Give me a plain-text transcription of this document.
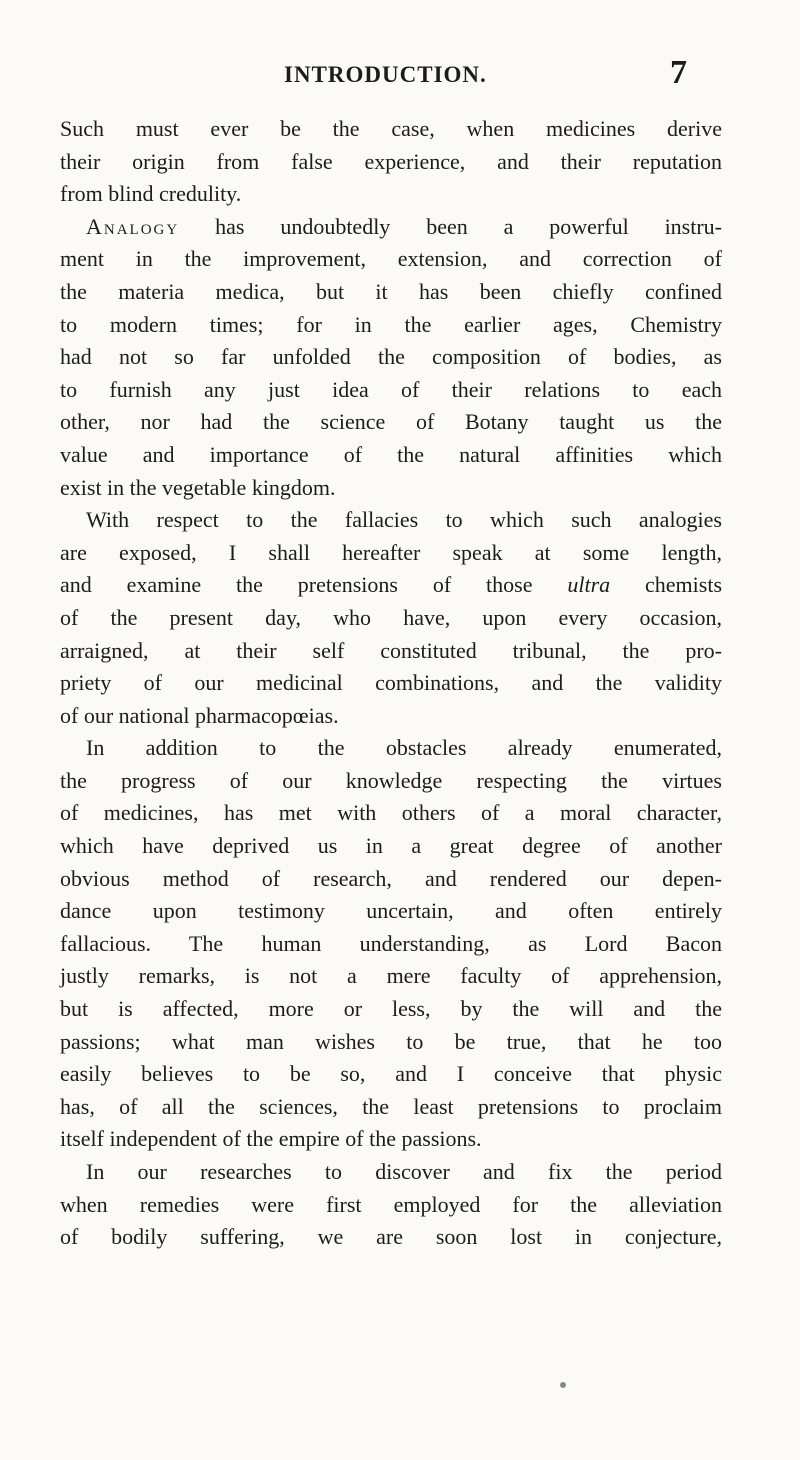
INTRODUCTION.	7
Such must ever be the case, when medicines derive
their origin from false experience, and their reputation
from blind credulity.
Analogy has undoubtedly been a powerful instru-
ment in the improvement, extension, and correction of
the materia medica, but it has been chiefly confined
to modern times; for in the earlier ages, Chemistry
had not so far unfolded the composition of bodies, as
to furnish any just idea of their relations to each
other, nor had the science of Botany taught us the
value and importance of the natural affinities which
exist in the vegetable kingdom.
With respect to the fallacies to which such analogies
are exposed, I shall hereafter speak at some length,
and examine the pretensions of those ultra chemists
of the present day, who have, upon every occasion,
arraigned, at their self constituted tribunal, the pro-
priety of our medicinal combinations, and the validity
of our national pharmacopœias.
In addition to the obstacles already enumerated,
the progress of our knowledge respecting the virtues
of medicines, has met with others of a moral character,
which have deprived us in a great degree of another
obvious method of research, and rendered our depen-
dance upon testimony uncertain, and often entirely
fallacious. The human understanding, as Lord Bacon
justly remarks, is not a mere faculty of apprehension,
but is affected, more or less, by the will and the
passions; what man wishes to be true, that he too
easily believes to be so, and I conceive that physic
has, of all the sciences, the least pretensions to proclaim
itself independent of the empire of the passions.
In our researches to discover and fix the period
when remedies were first employed for the alleviation
of bodily suffering, we are soon lost in conjecture,
